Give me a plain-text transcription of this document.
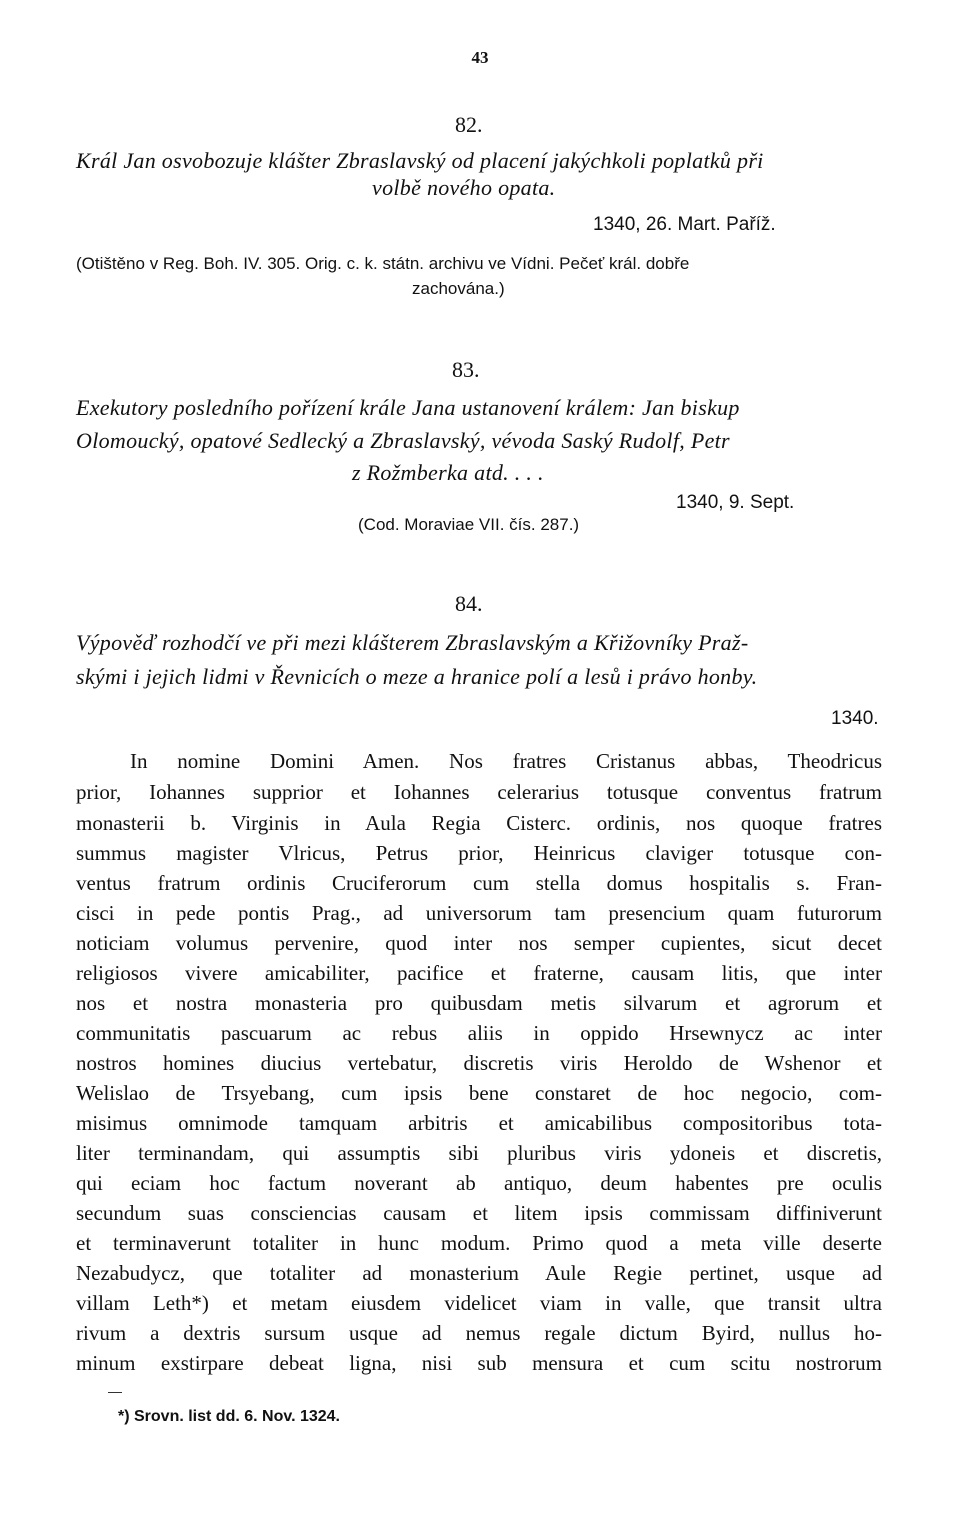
43
82.
Král Jan osvobozuje klášter Zbraslavský od placení jakýchkoli poplatků při
volbě nového opata.
1340, 26. Mart. Paříž.
(Otištěno v Reg. Boh. IV. 305. Orig. c. k. státn. archivu ve Vídni. Pečeť král. dobře
zachována.)
83.
Exekutory posledního pořízení krále Jana ustanovení králem: Jan biskup
Olomoucký, opatové Sedlecký a Zbraslavský, vévoda Saský Rudolf, Petr
z Rožmberka atd. . . .
1340, 9. Sept.
(Cod. Moraviae VII. čís. 287.)
84.
Výpověď rozhodčí ve při mezi klášterem Zbraslavským a Křižovníky Praž-
skými i jejich lidmi v Řevnicích o meze a hranice polí a lesů i právo honby.
1340.
In nomine Domini Amen. Nos fratres Cristanus abbas, Theodricus
prior, Iohannes supprior et Iohannes celerarius totusque conventus fratrum
monasterii b. Virginis in Aula Regia Cisterc. ordinis, nos quoque fratres
summus magister Vlricus, Petrus prior, Heinricus claviger totusque con-
ventus fratrum ordinis Cruciferorum cum stella domus hospitalis s. Fran-
cisci in pede pontis Prag., ad universorum tam presencium quam futurorum
noticiam volumus pervenire, quod inter nos semper cupientes, sicut decet
religiosos vivere amicabiliter, pacifice et fraterne, causam litis, que inter
nos et nostra monasteria pro quibusdam metis silvarum et agrorum et
communitatis pascuarum ac rebus aliis in oppido Hrsewnycz ac inter
nostros homines diucius vertebatur, discretis viris Heroldo de Wshenor et
Welislao de Trsyebang, cum ipsis bene constaret de hoc negocio, com-
misimus omnimode tamquam arbitris et amicabilibus compositoribus tota-
liter terminandam, qui assumptis sibi pluribus viris ydoneis et discretis,
qui eciam hoc factum noverant ab antiquo, deum habentes pre oculis
secundum suas consciencias causam et litem ipsis commissam diffiniverunt
et terminaverunt totaliter in hunc modum. Primo quod a meta ville deserte
Nezabudycz, que totaliter ad monasterium Aule Regie pertinet, usque ad
villam Leth*) et metam eiusdem videlicet viam in valle, que transit ultra
rivum a dextris sursum usque ad nemus regale dictum Byird, nullus ho-
minum exstirpare debeat ligna, nisi sub mensura et cum scitu nostrorum
*) Srovn. list dd. 6. Nov. 1324.
